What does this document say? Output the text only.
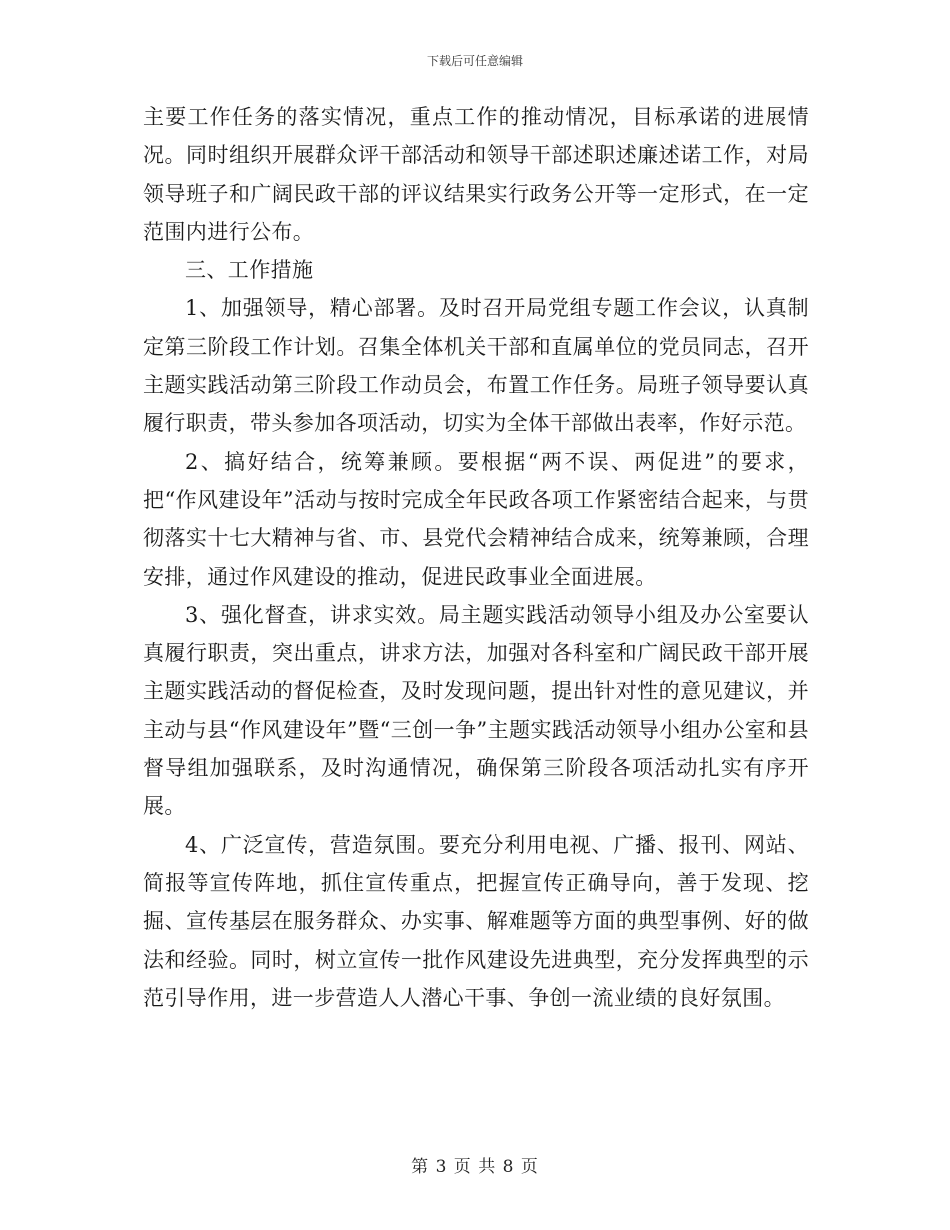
下载后可任意编辑

主要工作任务的落实情况，重点工作的推动情况，目标承诺的进展情况。同时组织开展群众评干部活动和领导干部述职述廉述诺工作，对局领导班子和广阔民政干部的评议结果实行政务公开等一定形式，在一定范围内进行公布。

三、工作措施

1、加强领导，精心部署。及时召开局党组专题工作会议，认真制定第三阶段工作计划。召集全体机关干部和直属单位的党员同志，召开主题实践活动第三阶段工作动员会，布置工作任务。局班子领导要认真履行职责，带头参加各项活动，切实为全体干部做出表率，作好示范。

2、搞好结合，统筹兼顾。要根据“两不误、两促进”的要求，把“作风建设年”活动与按时完成全年民政各项工作紧密结合起来，与贯彻落实十七大精神与省、市、县党代会精神结合成来，统筹兼顾，合理安排，通过作风建设的推动，促进民政事业全面进展。

3、强化督查，讲求实效。局主题实践活动领导小组及办公室要认真履行职责，突出重点，讲求方法，加强对各科室和广阔民政干部开展主题实践活动的督促检查，及时发现问题，提出针对性的意见建议，并主动与县“作风建设年”暨“三创一争”主题实践活动领导小组办公室和县督导组加强联系，及时沟通情况，确保第三阶段各项活动扎实有序开展。

4、广泛宣传，营造氛围。要充分利用电视、广播、报刊、网站、简报等宣传阵地，抓住宣传重点，把握宣传正确导向，善于发现、挖掘、宣传基层在服务群众、办实事、解难题等方面的典型事例、好的做法和经验。同时，树立宣传一批作风建设先进典型，充分发挥典型的示范引导作用，进一步营造人人潜心干事、争创一流业绩的良好氛围。

第 3 页 共 8 页
